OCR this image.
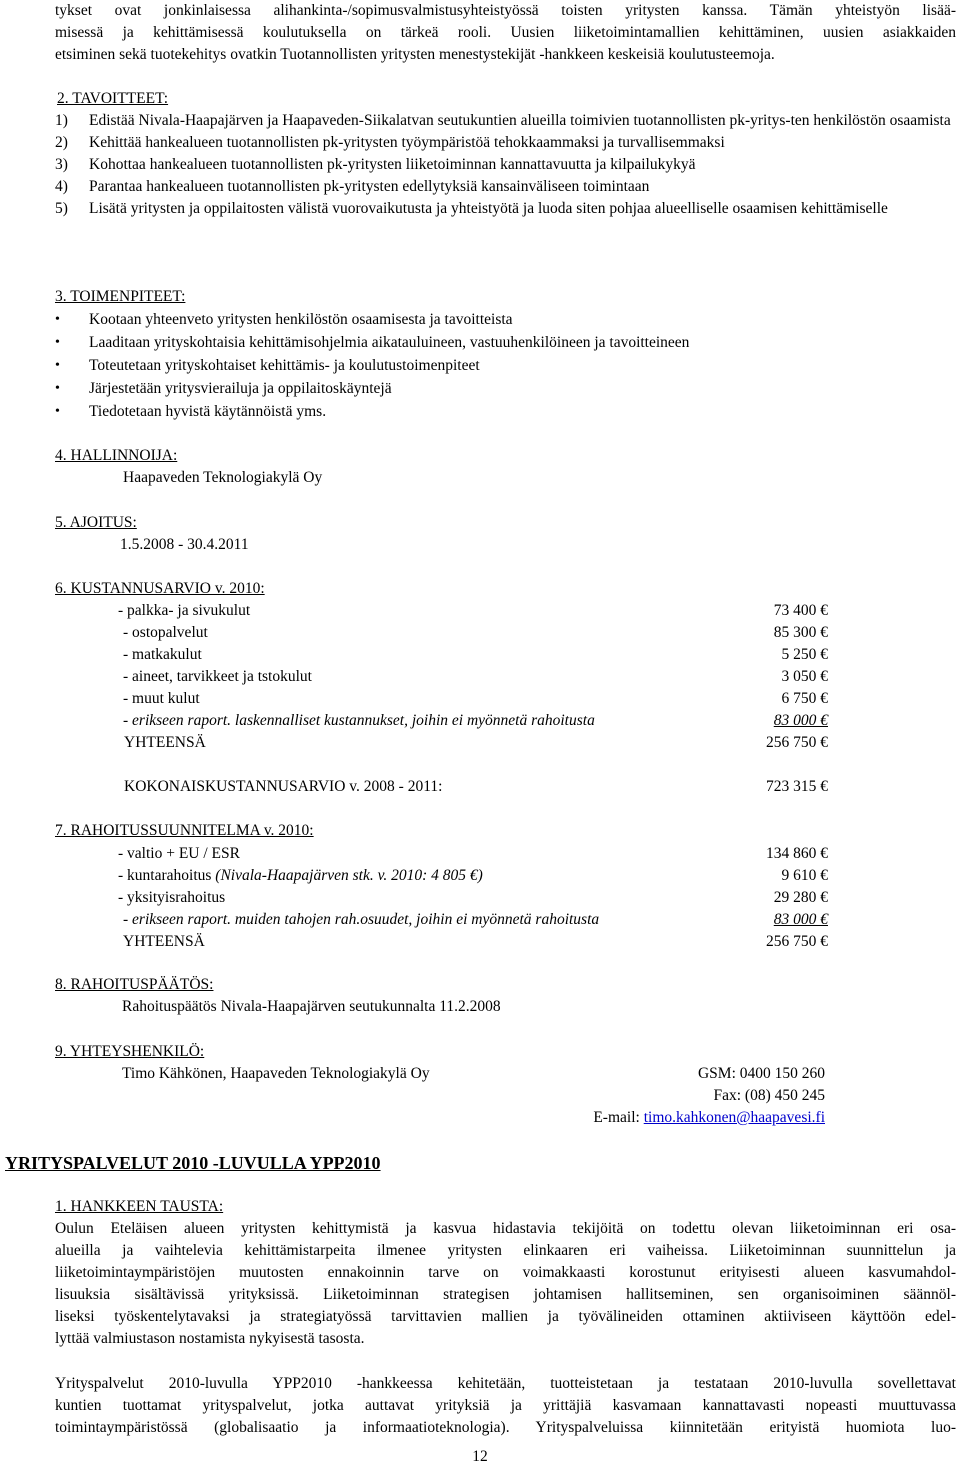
tykset ovat jonkinlaisessa alihankinta-/sopimusvalmistusyhteistyössä toisten yritysten kanssa. Tämän yhteistyön lisää-

misessä ja kehittämisessä koulutuksella on tärkeä rooli. Uusien liiketoimintamallien kehittäminen, uusien asiakkaiden

etsiminen sekä tuotekehitys ovatkin Tuotannollisten yritysten menestystekijät -hankkeen keskeisiä koulutusteemoja.

2. TAVOITTEET:
1)	Edistää Nivala-Haapajärven ja Haapaveden-Siikalatvan seutukuntien alueilla toimivien tuotannollisten pk-yritys-ten henkilöstön osaamista
2)	Kehittää hankealueen tuotannollisten pk-yritysten työympäristöä tehokkaammaksi ja turvallisemmaksi
3)	Kohottaa hankealueen tuotannollisten pk-yritysten liiketoiminnan kannattavuutta ja kilpailukykyä
4)	Parantaa hankealueen tuotannollisten pk-yritysten edellytyksiä kansainväliseen toimintaan
5)	Lisätä yritysten ja oppilaitosten välistä vuorovaikutusta ja yhteistyötä ja luoda siten pohjaa alueelliselle osaamisen kehittämiselle
3. TOIMENPITEET:
•	Kootaan yhteenveto yritysten henkilöstön osaamisesta ja tavoitteista
•	Laaditaan yrityskohtaisia kehittämisohjelmia aikatauluineen, vastuuhenkilöineen ja tavoitteineen
•	Toteutetaan yrityskohtaiset kehittämis- ja koulutustoimenpiteet
•	Järjestetään yritysvierailuja ja oppilaitoskäyntejä
•	Tiedotetaan hyvistä käytännöistä yms.
4. HALLINNOIJA:
Haapaveden Teknologiakylä Oy
5. AJOITUS:
1.5.2008 - 30.4.2011
6. KUSTANNUSARVIO v. 2010:
- palkka- ja sivukulut	73 400 €
- ostopalvelut	85 300 €
- matkakulut	5 250 €
- aineet, tarvikkeet ja tstokulut	3 050 €
- muut kulut	6 750 €
- erikseen raport. laskennalliset kustannukset, joihin ei myönnetä rahoitusta	83 000 €
YHTEENSÄ	256 750 €
KOKONAISKUSTANNUSARVIO v. 2008 - 2011:	723 315 €
7. RAHOITUSSUUNNITELMA v. 2010:
- valtio + EU / ESR	134 860 €
- kuntarahoitus (Nivala-Haapajärven stk. v. 2010: 4 805 €)	9 610 €
- yksityisrahoitus	29 280 €
- erikseen raport. muiden tahojen rah.osuudet, joihin ei myönnetä rahoitusta	83 000 €
YHTEENSÄ	256 750 €
8. RAHOITUSPÄÄTÖS:
Rahoituspäätös Nivala-Haapajärven seutukunnalta 11.2.2008
9. YHTEYSHENKILÖ:
Timo Kähkönen, Haapaveden Teknologiakylä Oy	GSM: 0400 150 260
Fax: (08) 450 245
E-mail: timo.kahkonen@haapavesi.fi
YRITYSPALVELUT 2010 -LUVULLA YPP2010
1. HANKKEEN TAUSTA:

Oulun Eteläisen alueen yritysten kehittymistä ja kasvua hidastavia tekijöitä on todettu olevan liiketoiminnan eri osa-

alueilla ja vaihtelevia kehittämistarpeita ilmenee yritysten elinkaaren eri vaiheissa. Liiketoiminnan suunnittelun ja

liiketoimintaympäristöjen muutosten ennakoinnin tarve on voimakkaasti korostunut erityisesti alueen kasvumahdol-

lisuuksia sisältävissä yrityksissä. Liiketoiminnan strategisen johtamisen hallitseminen, sen organisoiminen säännöl-

liseksi työskentelytavaksi ja strategiatyössä tarvittavien mallien ja työvälineiden ottaminen aktiiviseen käyttöön edel-

lyttää valmiustason nostamista nykyisestä tasosta.

Yrityspalvelut 2010-luvulla YPP2010 -hankkeessa kehitetään, tuotteistetaan ja testataan 2010-luvulla sovellettavat

kuntien tuottamat yrityspalvelut, jotka auttavat yrityksiä ja yrittäjiä kasvamaan kannattavasti nopeasti muuttuvassa

toimintaympäristössä (globalisaatio ja informaatioteknologia). Yrityspalveluissa kiinnitetään erityistä huomiota luo-

12
